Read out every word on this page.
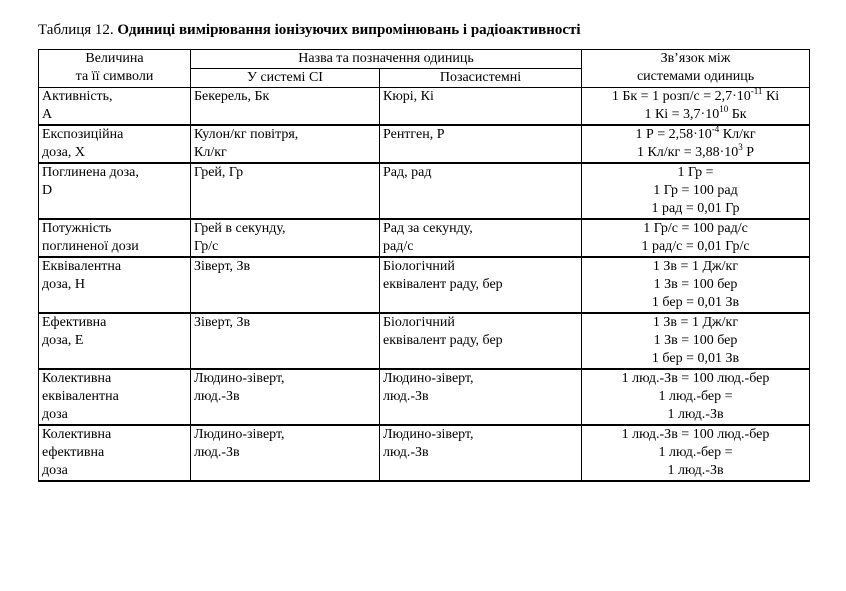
Таблиця 12. Одиниці вимірювання іонізуючих випромінювань і радіоактивності
Величина
та її символи	Назва та позначення одиниць		Зв’язок між
системами одиниць

	У системі СІ	Позасистемні	

Активність,
А	Бекерель, Бк	Кюрі, Кі	1 Бк = 1 розп/с = $2,7\cdot 10^{-11}$ Кі
1 Кі = $3,7\cdot 10^{10}$ Бк

Експозиційна
доза, X	Кулон/кг повітря,
Кл/кг	Рентген, Р	1 $Р = 2,58\cdot 10^{-4}$ Кл/кг
1 $Кл/кг = 3,88\cdot 10^3$ Р

Поглинена доза,
D	Грей, Гр	Рад, рад	1 Гр =
1 Гр = 100 рад
1 рад = 0,01 Гр

Потужність
поглиненої дози	Грей в секунду,
Гр/с	Рад за секунду,
рад/с	1 Гр/с = 100 рад/с
1 рад/с = 0,01 Гр/с

Еквівалентна
доза, Н	Зіверт, Зв	Біологічний
еквівалент раду, бер	1 Зв = 1 Дж/кг
1 Зв = 100 бер
1 бер = 0,01 Зв

Ефективна
доза, Е	Зіверт, Зв	Біологічний
еквівалент раду, бер	1 Зв = 1 Дж/кг
1 Зв = 100 бер
1 бер = 0,01 Зв

Колективна
еквівалентна
доза	Людино-зіверт,
люд.-Зв	Людино-зіверт,
люд.-Зв	1 люд.-Зв = 100 люд.-бер
1 люд.-бер =
1 люд.-Зв

Колективна
ефективна
доза	Людино-зіверт,
люд.-Зв	Людино-зіверт,
люд.-Зв	1 люд.-Зв = 100 люд.-бер
1 люд.-бер =
1 люд.-Зв
